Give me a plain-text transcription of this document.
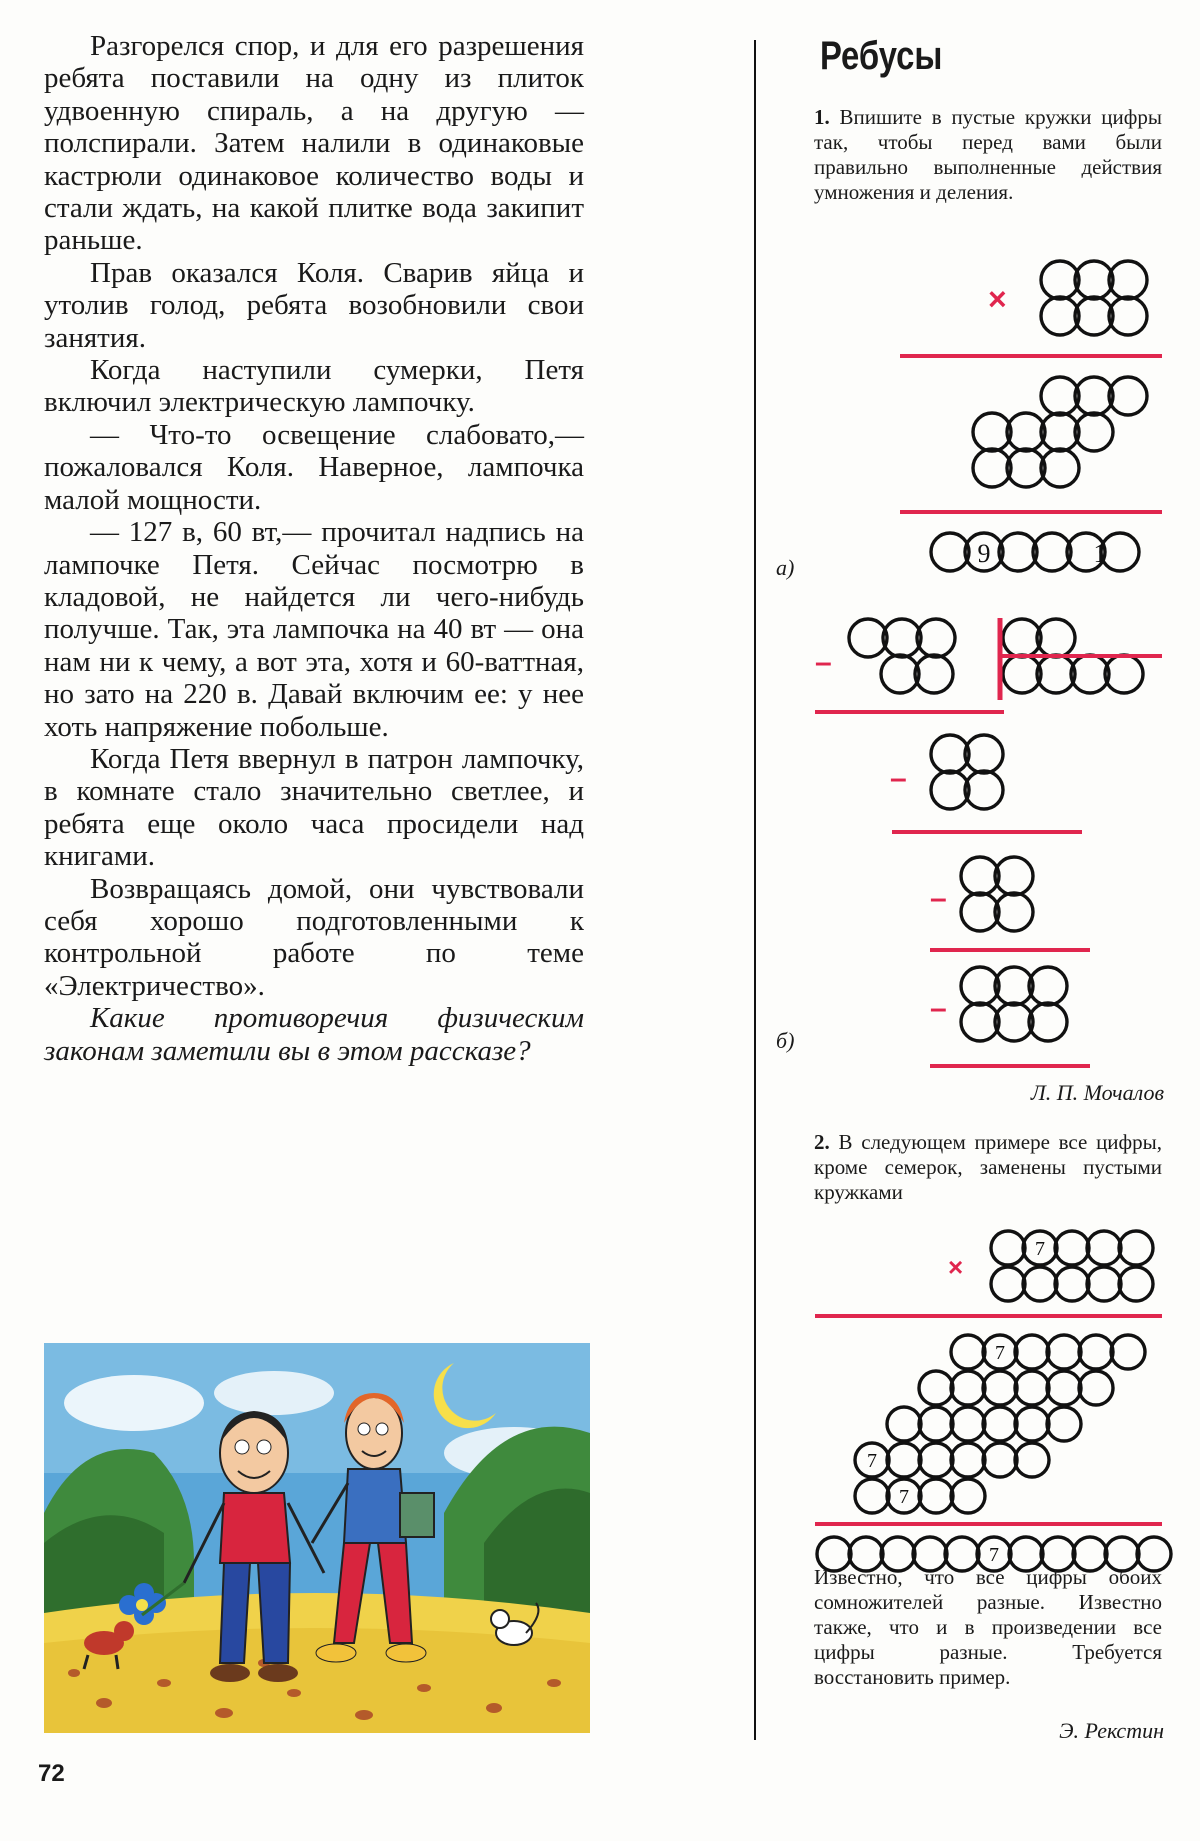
Разгорелся спор, и для его разрешения ребята поставили на одну из плиток удвоенную спираль, а на другую — полспирали. Затем налили в одинаковые кастрюли одинаковое количество воды и стали ждать, на какой плитке вода закипит раньше.

Прав оказался Коля. Сварив яйца и утолив голод, ребята возобновили свои занятия.

Когда наступили сумерки, Петя включил электрическую лампочку.

— Что-то освещение слабовато,— пожаловался Коля. Наверное, лампочка малой мощности.

— 127 в, 60 вт,— прочитал надпись на лампочке Петя. Сейчас посмотрю в кладовой, не найдется ли чего-нибудь получше. Так, эта лампочка на 40 вт — она нам ни к чему, а вот эта, хотя и 60-ваттная, но зато на 220 в. Давай включим ее: у нее хоть напряжение побольше.

Когда Петя ввернул в патрон лампочку, в комнате стало значительно светлее, и ребята еще около часа просидели над книгами.

Возвращаясь домой, они чувствовали себя хорошо подготовленными к контрольной работе по теме «Электричество».

Какие противоречия физическим законам заметили вы в этом рассказе?

72
Ребусы

1. Впишите в пустые кружки цифры так, чтобы перед вами были правильно выполненные действия умножения и деления.

×
–
–
–
–
×
9	1
7
7
7
7
7
а)
б)
Л. П. Мочалов
2. В следующем примере все цифры, кроме семерок, заменены пустыми кружками
Известно, что все цифры обоих сомножителей разные. Известно также, что и в произведении все цифры разные. Требуется восстановить пример.
Э. Рекстин
